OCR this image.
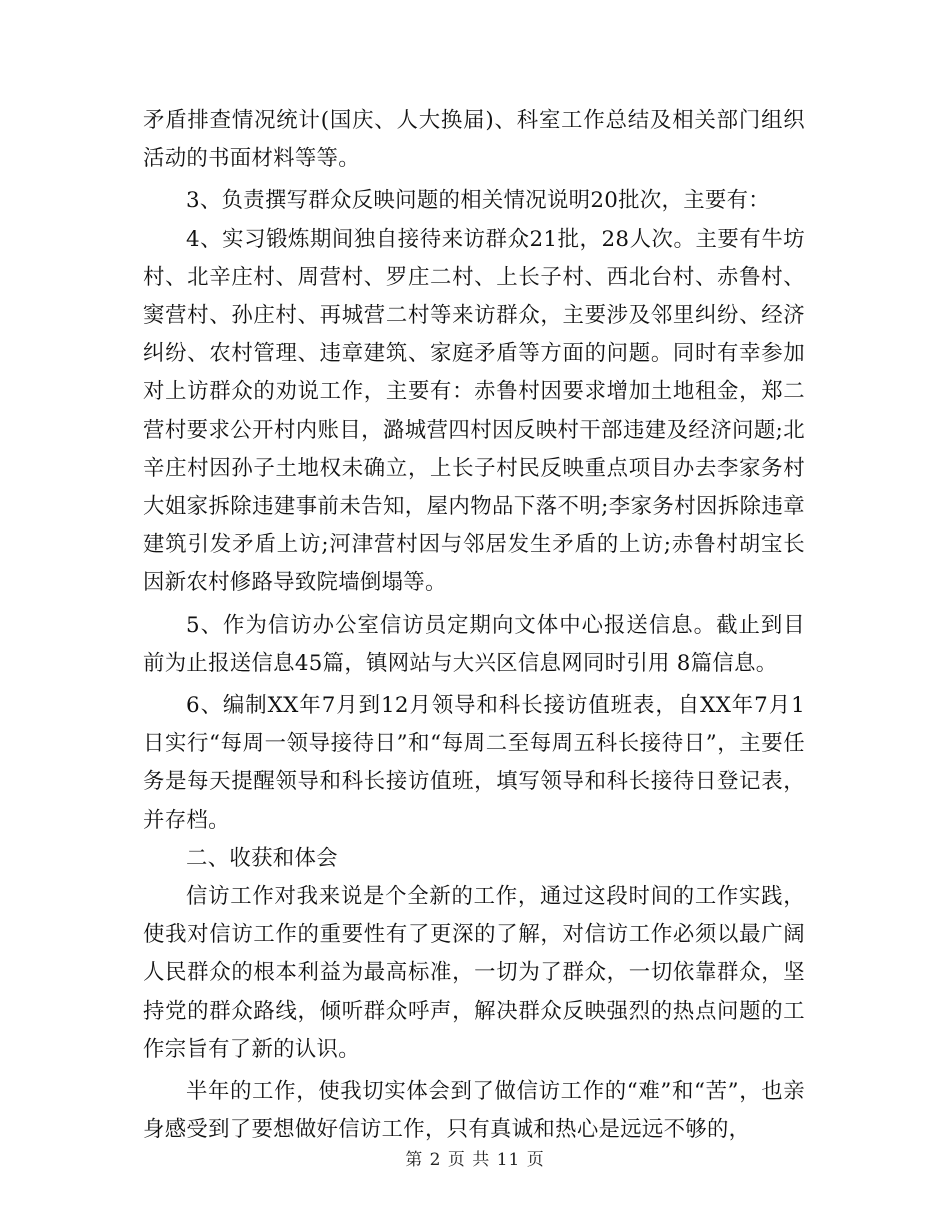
矛盾排查情况统计(国庆、人大换届)、科室工作总结及相关部门组织活动的书面材料等等。

3、负责撰写群众反映问题的相关情况说明20批次，主要有：

4、实习锻炼期间独自接待来访群众21批，28人次。主要有牛坊村、北辛庄村、周营村、罗庄二村、上长子村、西北台村、赤鲁村、窦营村、孙庄村、再城营二村等来访群众，主要涉及邻里纠纷、经济纠纷、农村管理、违章建筑、家庭矛盾等方面的问题。同时有幸参加对上访群众的劝说工作，主要有：赤鲁村因要求增加土地租金，郑二营村要求公开村内账目，潞城营四村因反映村干部违建及经济问题;北辛庄村因孙子土地权未确立，上长子村民反映重点项目办去李家务村大姐家拆除违建事前未告知，屋内物品下落不明;李家务村因拆除违章建筑引发矛盾上访;河津营村因与邻居发生矛盾的上访;赤鲁村胡宝长因新农村修路导致院墙倒塌等。

5、作为信访办公室信访员定期向文体中心报送信息。截止到目前为止报送信息45篇，镇网站与大兴区信息网同时引用 8篇信息。

6、编制XX年7月到12月领导和科长接访值班表，自XX年7月1日实行“每周一领导接待日”和“每周二至每周五科长接待日”，主要任务是每天提醒领导和科长接访值班，填写领导和科长接待日登记表，并存档。

二、收获和体会

信访工作对我来说是个全新的工作，通过这段时间的工作实践，使我对信访工作的重要性有了更深的了解，对信访工作必须以最广阔人民群众的根本利益为最高标准，一切为了群众，一切依靠群众，坚持党的群众路线，倾听群众呼声，解决群众反映强烈的热点问题的工作宗旨有了新的认识。

半年的工作，使我切实体会到了做信访工作的“难”和“苦”，也亲身感受到了要想做好信访工作，只有真诚和热心是远远不够的，

第 2 页 共 11 页
